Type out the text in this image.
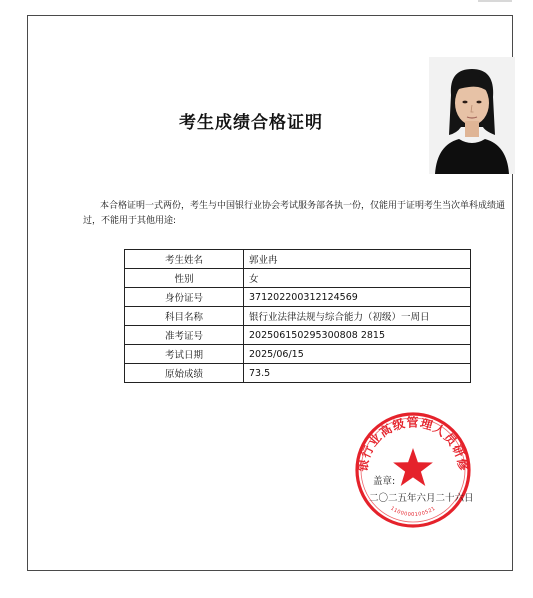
考生成绩合格证明

本合格证明一式两份，考生与中国银行业协会考试服务部各执一份，仅能用于证明考生当次单科成绩通过，不能用于其他用途:

考生姓名	郭业冉
性别	女
身份证号	371202200312124569
科目名称	银行业法律法规与综合能力（初级）一周日
准考证号	202506150295300808 2815
考试日期	2025/06/15
原始成绩	73.5
银行业高级管理人员研修
1100000100521
盖章:
二〇二五年六月二十六日
